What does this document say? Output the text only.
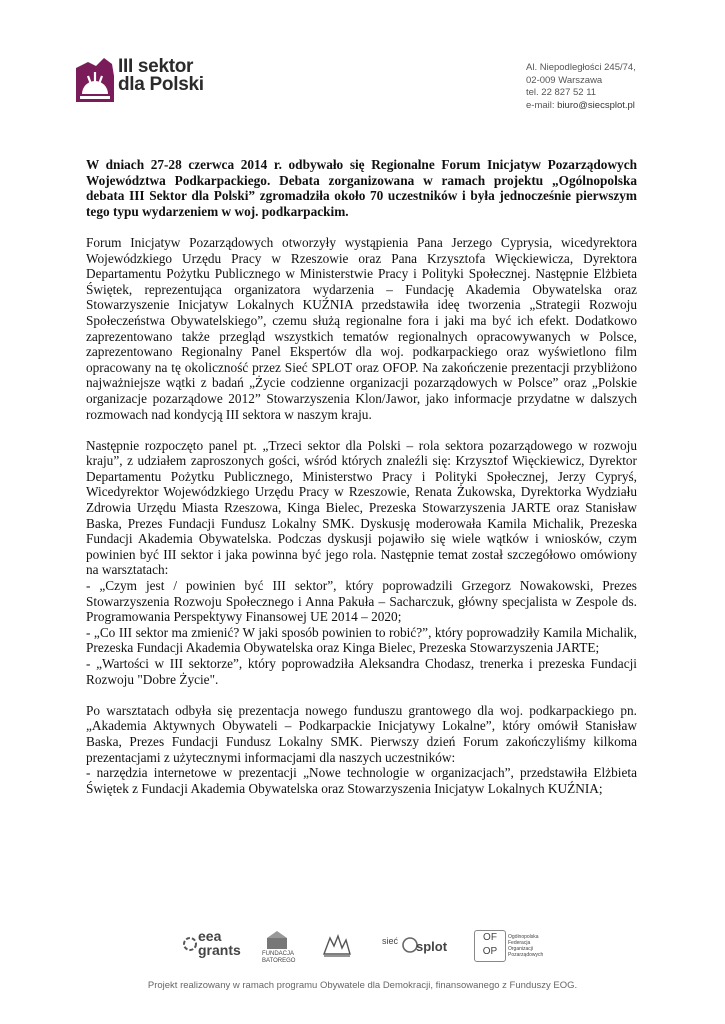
III sektor
dla Polski
Al. Niepodległości 245/74,
02-009 Warszawa
tel. 22 827 52 11
e-mail: biuro@siecsplot.pl

W dniach 27-28 czerwca 2014 r. odbywało się Regionalne Forum Inicjatyw Pozarządowych Województwa Podkarpackiego. Debata zorganizowana w ramach projektu „Ogólnopolska debata III Sektor dla Polski” zgromadziła około 70 uczestników i była jednocześnie pierwszym tego typu wydarzeniem w woj. podkarpackim.

Forum Inicjatyw Pozarządowych otworzyły wystąpienia Pana Jerzego Cyprysia, wicedyrektora Wojewódzkiego Urzędu Pracy w Rzeszowie oraz Pana Krzysztofa Więckiewicza, Dyrektora Departamentu Pożytku Publicznego w Ministerstwie Pracy i Polityki Społecznej. Następnie Elżbieta Świętek, reprezentująca organizatora wydarzenia – Fundację Akademia Obywatelska oraz Stowarzyszenie Inicjatyw Lokalnych KUŹNIA przedstawiła ideę tworzenia „Strategii Rozwoju Społeczeństwa Obywatelskiego”, czemu służą regionalne fora i jaki ma być ich efekt. Dodatkowo zaprezentowano także przegląd wszystkich tematów regionalnych opracowywanych w Polsce, zaprezentowano Regionalny Panel Ekspertów dla woj. podkarpackiego oraz wyświetlono film opracowany na tę okoliczność przez Sieć SPLOT oraz OFOP. Na zakończenie prezentacji przybliżono najważniejsze wątki z badań „Życie codzienne organizacji pozarządowych w Polsce” oraz „Polskie organizacje pozarządowe 2012” Stowarzyszenia Klon/Jawor, jako informacje przydatne w dalszych rozmowach nad kondycją III sektora w naszym kraju.

Następnie rozpoczęto panel pt. „Trzeci sektor dla Polski – rola sektora pozarządowego w rozwoju kraju”, z udziałem zaproszonych gości, wśród których znaleźli się: Krzysztof Więckiewicz, Dyrektor Departamentu Pożytku Publicznego, Ministerstwo Pracy i Polityki Społecznej, Jerzy Cypryś, Wicedyrektor Wojewódzkiego Urzędu Pracy w Rzeszowie, Renata Żukowska, Dyrektorka Wydziału Zdrowia Urzędu Miasta Rzeszowa, Kinga Bielec, Prezeska Stowarzyszenia JARTE oraz Stanisław Baska, Prezes Fundacji Fundusz Lokalny SMK. Dyskusję moderowała Kamila Michalik, Prezeska Fundacji Akademia Obywatelska. Podczas dyskusji pojawiło się wiele wątków i wniosków, czym powinien być III sektor i jaka powinna być jego rola. Następnie temat został szczegółowo omówiony na warsztatach:
- „Czym jest / powinien być III sektor”, który poprowadzili Grzegorz Nowakowski, Prezes Stowarzyszenia Rozwoju Społecznego i Anna Pakuła – Sacharczuk, główny specjalista w Zespole ds. Programowania Perspektywy Finansowej UE 2014 – 2020;
- „Co III sektor ma zmienić? W jaki sposób powinien to robić?”, który poprowadziły Kamila Michalik, Prezeska Fundacji Akademia Obywatelska oraz Kinga Bielec, Prezeska Stowarzyszenia JARTE;
- „Wartości w III sektorze”, który poprowadziła Aleksandra Chodasz, trenerka i prezeska Fundacji Rozwoju "Dobre Życie".

Po warsztatach odbyła się prezentacja nowego funduszu grantowego dla woj. podkarpackiego pn. „Akademia Aktywnych Obywateli – Podkarpackie Inicjatywy Lokalne”, który omówił Stanisław Baska, Prezes Fundacji Fundusz Lokalny SMK. Pierwszy dzień Forum zakończyliśmy kilkoma prezentacjami z użytecznymi informacjami dla naszych uczestników:

- narzędzia internetowe w prezentacji „Nowe technologie w organizacjach”, przedstawiła Elżbieta Świętek z Fundacji Akademia Obywatelska oraz Stowarzyszenia Inicjatyw Lokalnych KUŹNIA;

eea
grants	FUNDACJA
BATOREGO
sieć splot
OF OP
Ogólnopolska
Federacja
Organizacji
Pozarządowych
Projekt realizowany w ramach programu Obywatele dla Demokracji, finansowanego z Funduszy EOG.
